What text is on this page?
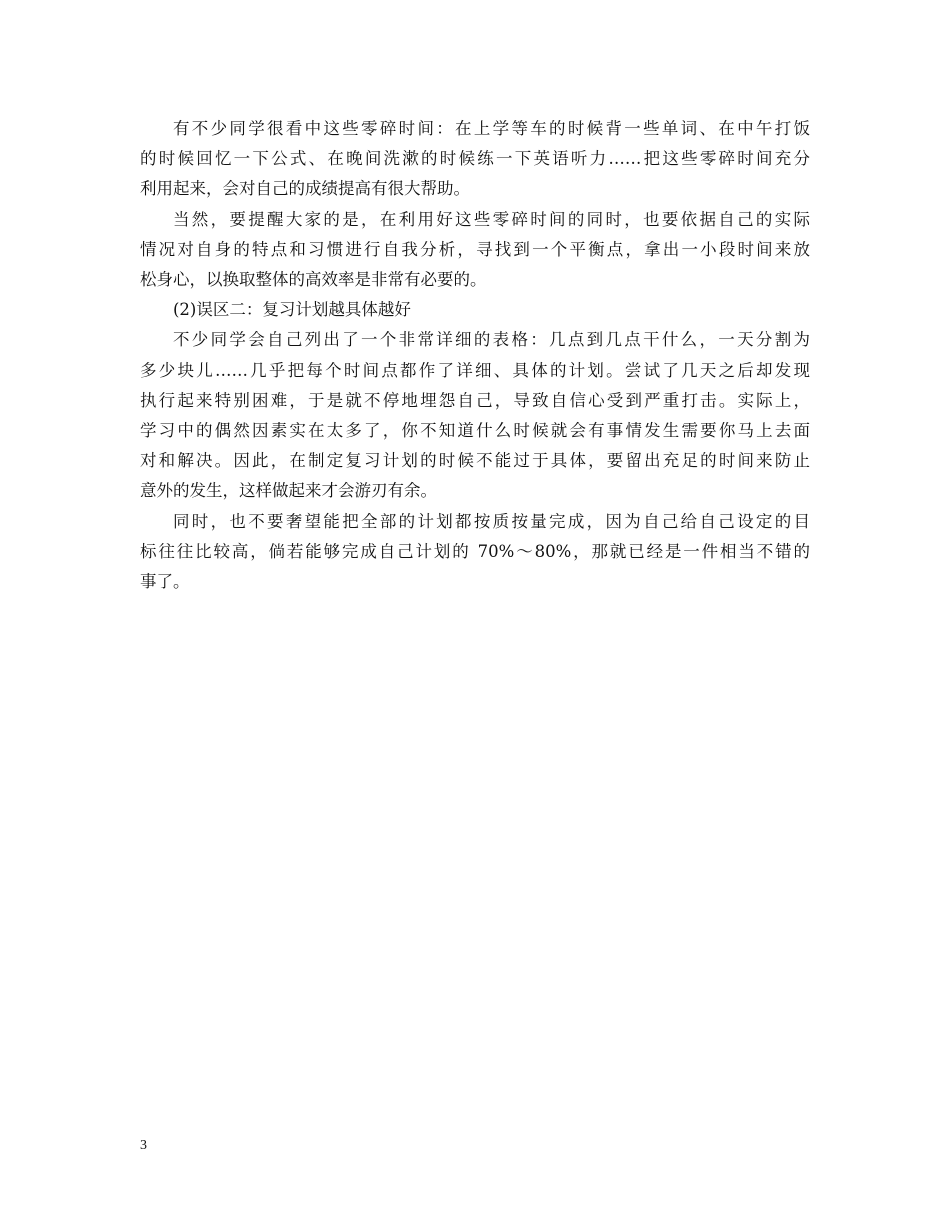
有不少同学很看中这些零碎时间：在上学等车的时候背一些单词、在中午打饭
的时候回忆一下公式、在晚间洗漱的时候练一下英语听力……把这些零碎时间充分
利用起来，会对自己的成绩提高有很大帮助。

当然，要提醒大家的是，在利用好这些零碎时间的同时，也要依据自己的实际
情况对自身的特点和习惯进行自我分析，寻找到一个平衡点，拿出一小段时间来放
松身心，以换取整体的高效率是非常有必要的。

(2)误区二：复习计划越具体越好

不少同学会自己列出了一个非常详细的表格：几点到几点干什么，一天分割为
多少块儿……几乎把每个时间点都作了详细、具体的计划。尝试了几天之后却发现
执行起来特别困难，于是就不停地埋怨自己，导致自信心受到严重打击。实际上，
学习中的偶然因素实在太多了，你不知道什么时候就会有事情发生需要你马上去面
对和解决。因此，在制定复习计划的时候不能过于具体，要留出充足的时间来防止
意外的发生，这样做起来才会游刃有余。

同时，也不要奢望能把全部的计划都按质按量完成，因为自己给自己设定的目
标往往比较高，倘若能够完成自己计划的 70%～80%，那就已经是一件相当不错的
事了。

3
